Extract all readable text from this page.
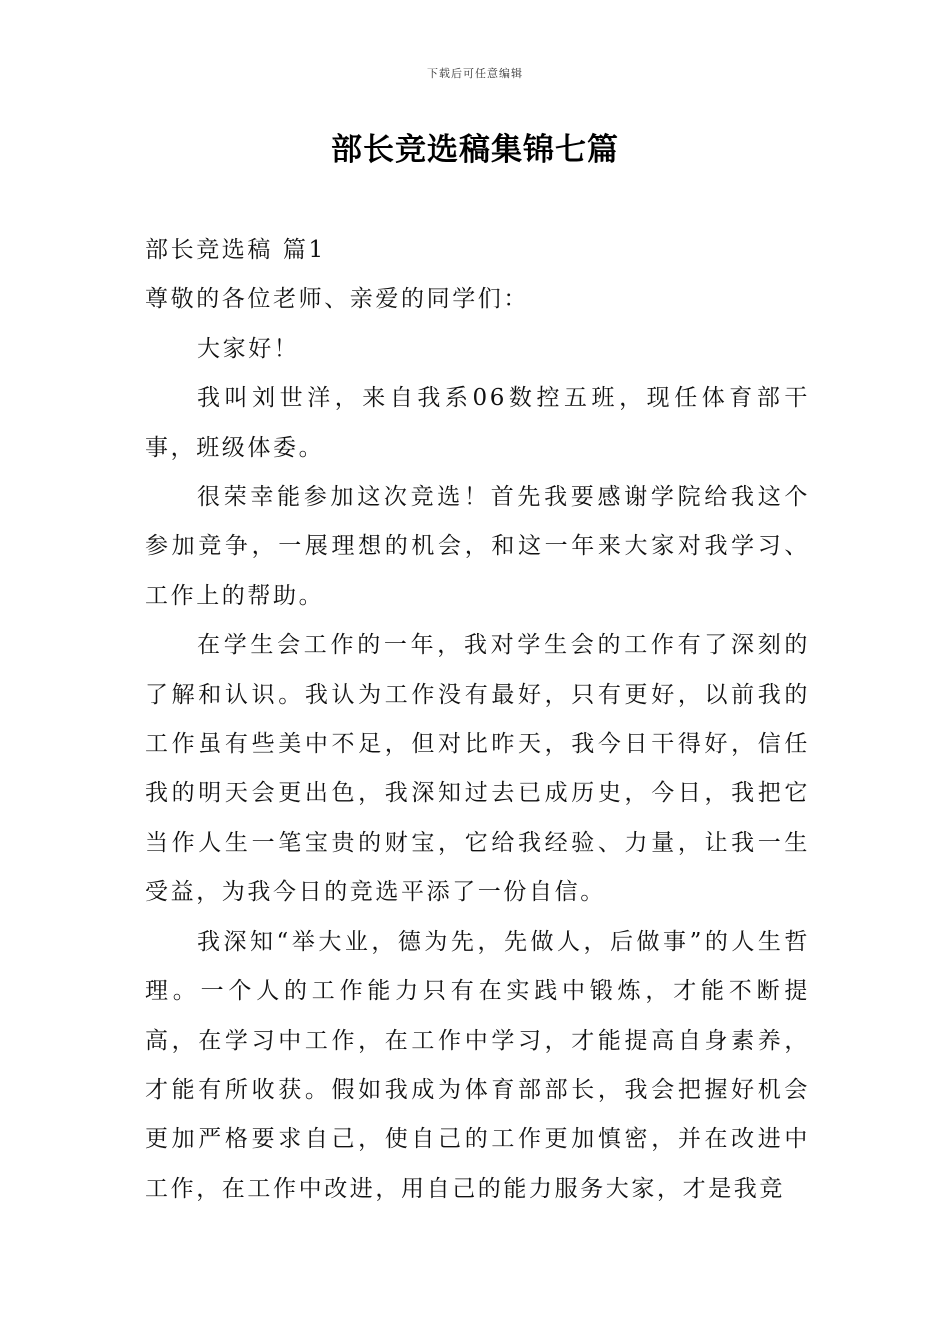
下载后可任意编辑
部长竞选稿集锦七篇

部长竞选稿 篇1

尊敬的各位老师、亲爱的同学们：

大家好！

我叫刘世洋，来自我系06数控五班，现任体育部干事，班级体委。

很荣幸能参加这次竞选！首先我要感谢学院给我这个参加竞争，一展理想的机会，和这一年来大家对我学习、工作上的帮助。

在学生会工作的一年，我对学生会的工作有了深刻的了解和认识。我认为工作没有最好，只有更好，以前我的工作虽有些美中不足，但对比昨天，我今日干得好，信任我的明天会更出色，我深知过去已成历史，今日，我把它当作人生一笔宝贵的财宝，它给我经验、力量，让我一生受益，为我今日的竞选平添了一份自信。

我深知“举大业，德为先，先做人，后做事”的人生哲理。一个人的工作能力只有在实践中锻炼，才能不断提高，在学习中工作，在工作中学习，才能提高自身素养，才能有所收获。假如我成为体育部部长，我会把握好机会更加严格要求自己，使自己的工作更加慎密，并在改进中工作，在工作中改进，用自己的能力服务大家，才是我竞
